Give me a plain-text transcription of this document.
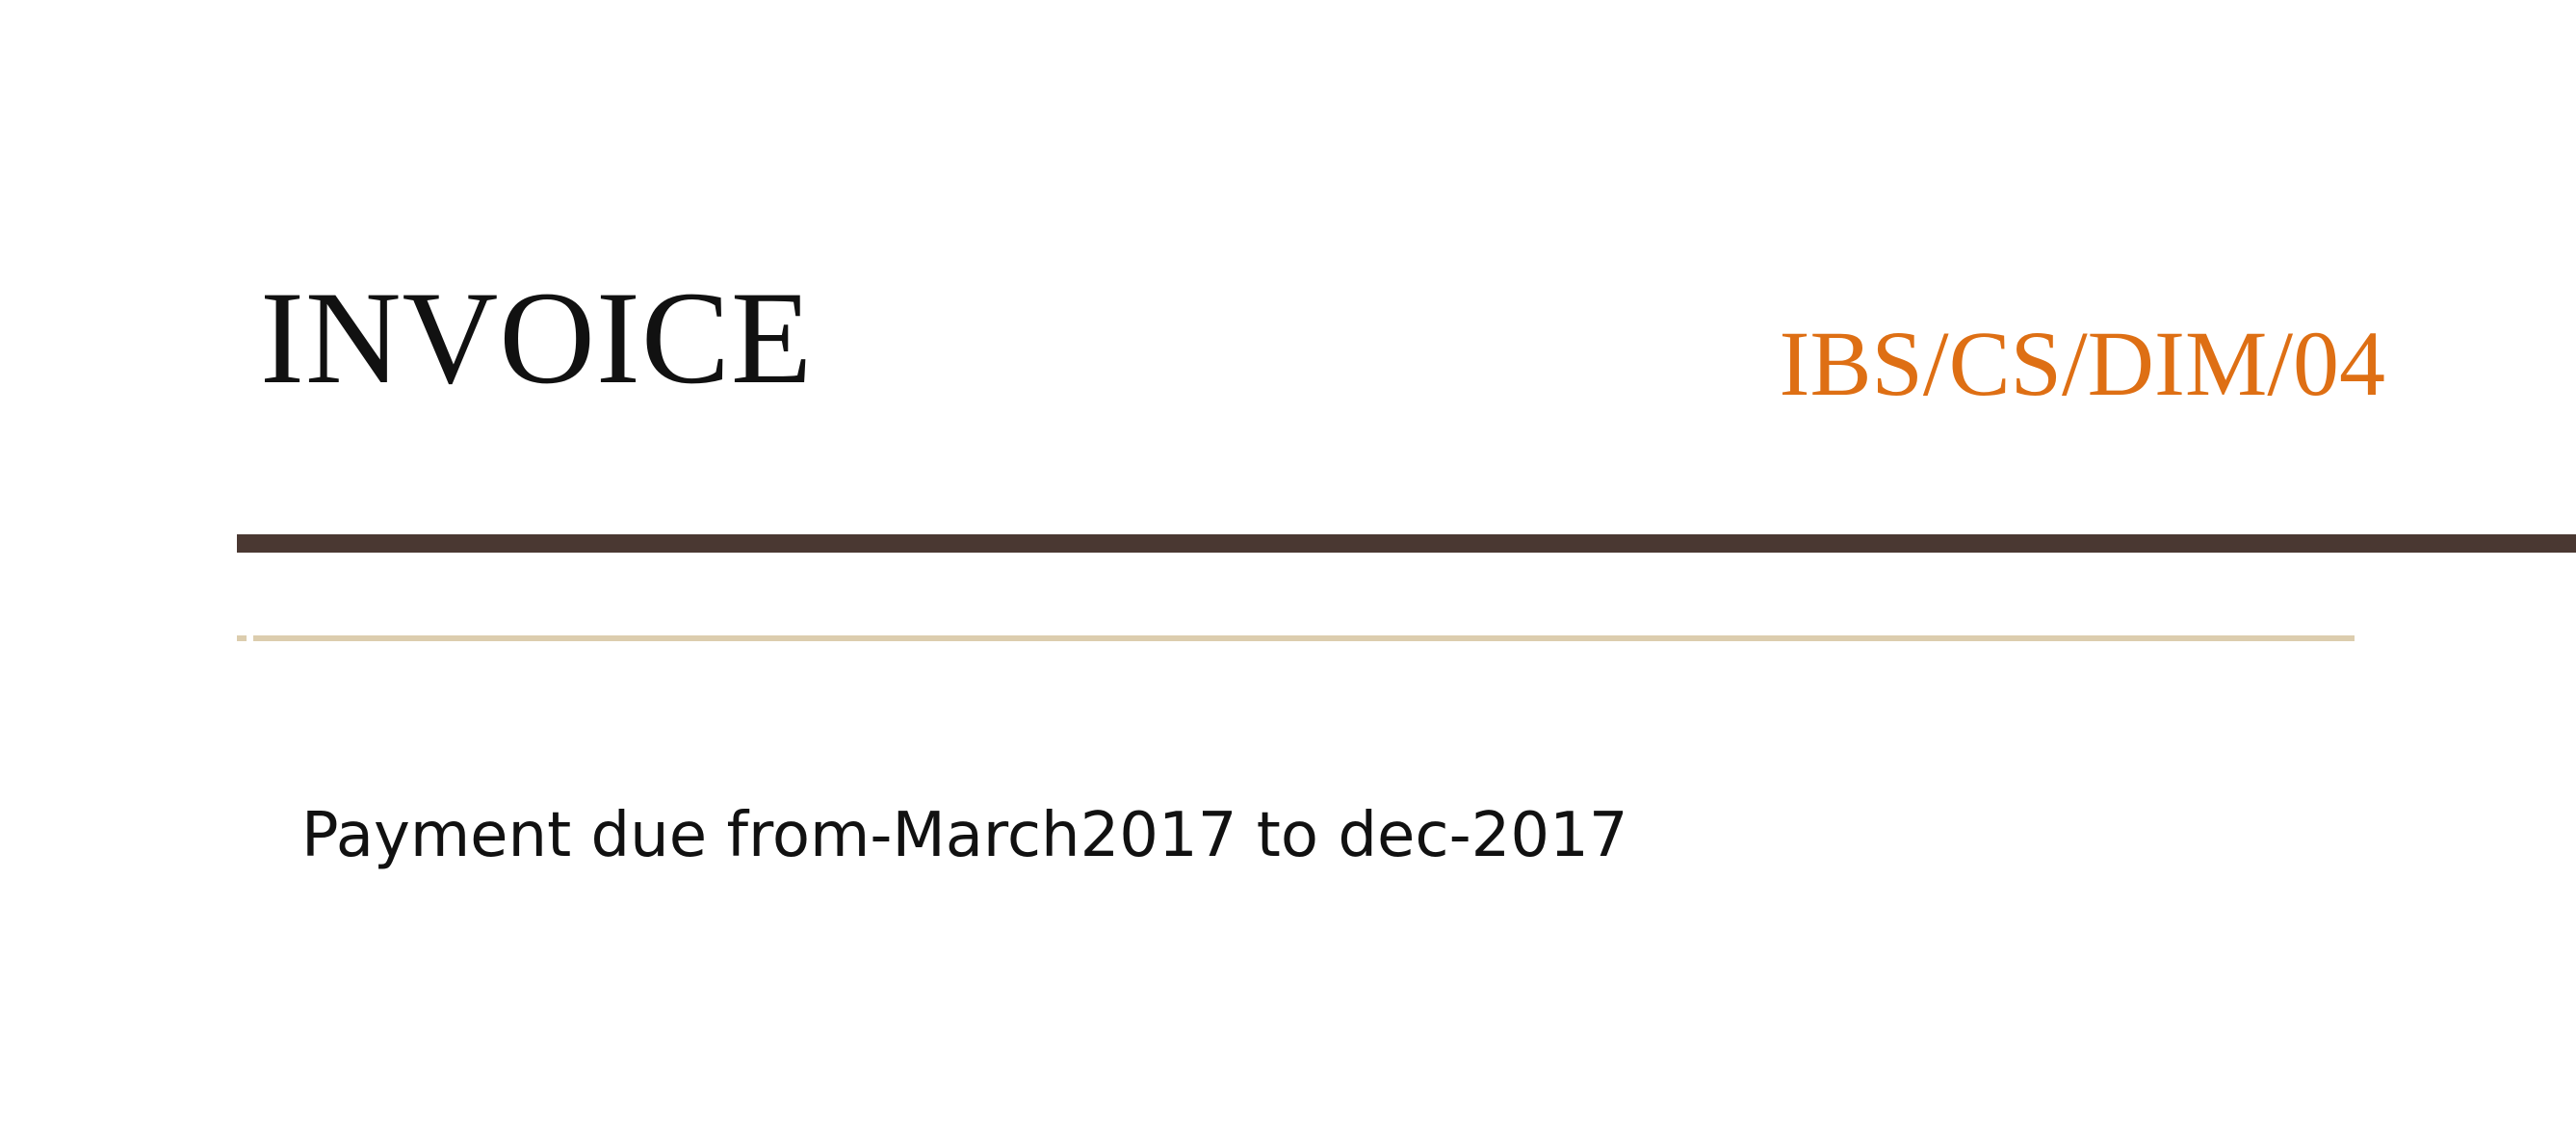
INVOICE	IBS/CS/DIM/04

Payment due from-March2017 to dec-2017
